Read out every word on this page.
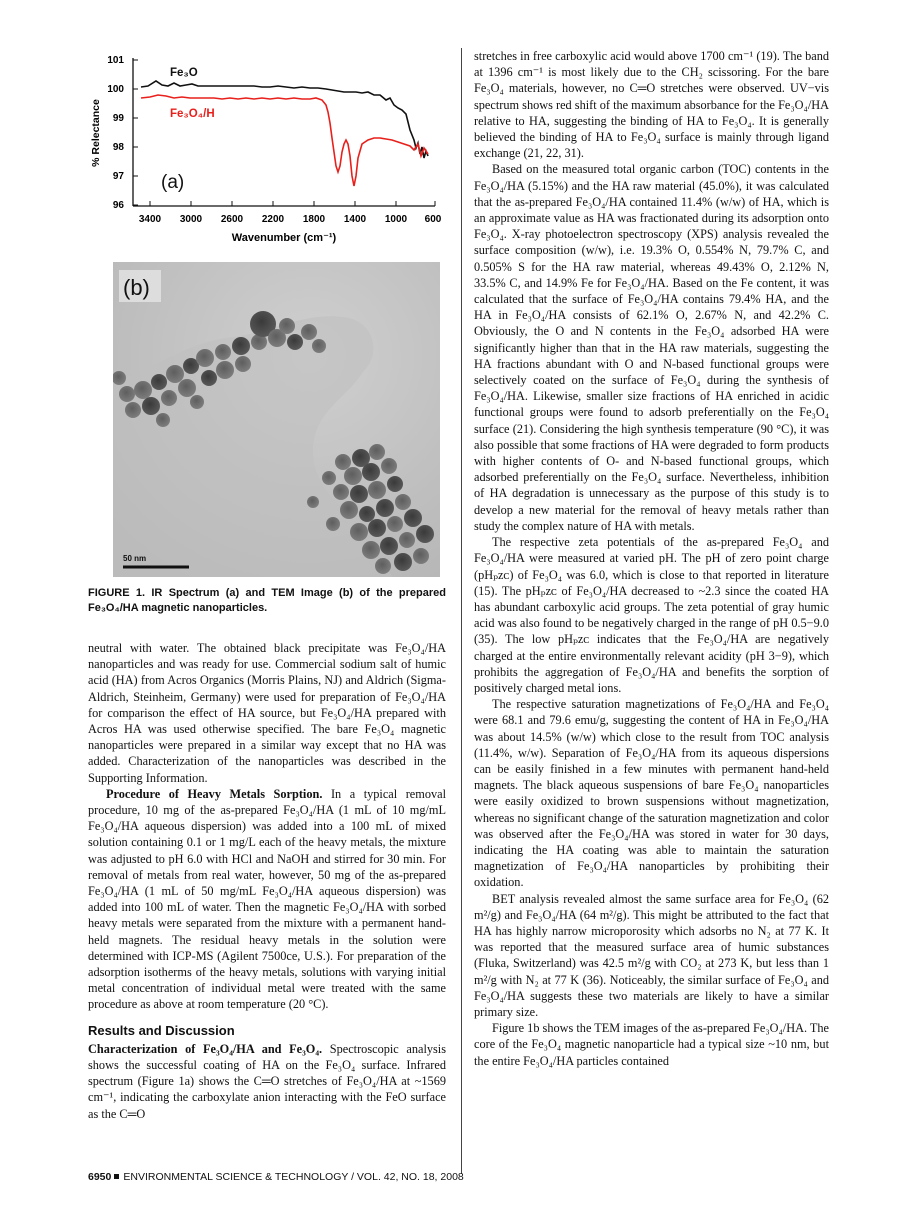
101
100
99
98
97
96
% Relectance
3400 3000 2600 2200 1800 1400 1000 600
Wavenumber (cm⁻¹)
Fe₃O
Fe₃O₄/H
(a)
(b)
50 nm
FIGURE 1. IR Spectrum (a) and TEM Image (b) of the prepared Fe₃O₄/HA magnetic nanoparticles.

neutral with water. The obtained black precipitate was Fe₃O₄/HA nanoparticles and was ready for use. Commercial sodium salt of humic acid (HA) from Acros Organics (Morris Plains, NJ) and Aldrich (Sigma-Aldrich, Steinheim, Germany) were used for preparation of Fe₃O₄/HA for comparison the effect of HA source, but Fe₃O₄/HA prepared with Acros HA was used otherwise specified. The bare Fe₃O₄ magnetic nanoparticles were prepared in a similar way except that no HA was added. Characterization of the nanoparticles was described in the Supporting Information.

Procedure of Heavy Metals Sorption. In a typical removal procedure, 10 mg of the as-prepared Fe₃O₄/HA (1 mL of 10 mg/mL Fe₃O₄/HA aqueous dispersion) was added into a 100 mL of mixed solution containing 0.1 or 1 mg/L each of the heavy metals, the mixture was adjusted to pH 6.0 with HCl and NaOH and stirred for 30 min. For removal of metals from real water, however, 50 mg of the as-prepared Fe₃O₄/HA (1 mL of 50 mg/mL Fe₃O₄/HA aqueous dispersion) was added into 100 mL of water. Then the magnetic Fe₃O₄/HA with sorbed heavy metals were separated from the mixture with a permanent hand-held magnets. The residual heavy metals in the solution were determined with ICP-MS (Agilent 7500ce, U.S.). For preparation of the adsorption isotherms of the heavy metals, solutions with varying initial metal concentration of individual metal were treated with the same procedure as above at room temperature (20 °C).

Results and Discussion

Characterization of Fe₃O₄/HA and Fe₃O₄. Spectroscopic analysis shows the successful coating of HA on the Fe₃O₄ surface. Infrared spectrum (Figure 1a) shows the C═O stretches of Fe₃O₄/HA at ~1569 cm⁻¹, indicating the carboxylate anion interacting with the FeO surface as the C═O

stretches in free carboxylic acid would above 1700 cm⁻¹ (19). The band at 1396 cm⁻¹ is most likely due to the CH₂ scissoring. For the bare Fe₃O₄ materials, however, no C═O stretches were observed. UV−vis spectrum shows red shift of the maximum absorbance for the Fe₃O₄/HA relative to HA, suggesting the binding of HA to Fe₃O₄. It is generally believed the binding of HA to Fe₃O₄ surface is mainly through ligand exchange (21, 22, 31).

Based on the measured total organic carbon (TOC) contents in the Fe₃O₄/HA (5.15%) and the HA raw material (45.0%), it was calculated that the as-prepared Fe₃O₄/HA contained 11.4% (w/w) of HA, which is an approximate value as HA was fractionated during its adsorption onto Fe₃O₄. X-ray photoelectron spectroscopy (XPS) analysis revealed the surface composition (w/w), i.e. 19.3% O, 0.554% N, 79.7% C, and 0.505% S for the HA raw material, whereas 49.43% O, 2.12% N, 33.5% C, and 14.9% Fe for Fe₃O₄/HA. Based on the Fe content, it was calculated that the surface of Fe₃O₄/HA contains 79.4% HA, and the HA in Fe₃O₄/HA consists of 62.1% O, 2.67% N, and 42.2% C. Obviously, the O and N contents in the Fe₃O₄ adsorbed HA were significantly higher than that in the HA raw materials, suggesting the HA fractions abundant with O and N-based functional groups were selectively coated on the surface of Fe₃O₄ during the synthesis of Fe₃O₄/HA. Likewise, smaller size fractions of HA enriched in acidic functional groups were found to adsorb preferentially on the Fe₃O₄ surface (21). Considering the high synthesis temperature (90 °C), it was also possible that some fractions of HA were degraded to form products with higher contents of O- and N-based functional groups, which adsorbed preferentially on the Fe₃O₄ surface. Nevertheless, inhibition of HA degradation is unnecessary as the purpose of this study is to develop a new material for the removal of heavy metals rather than study the complex nature of HA with metals.

The respective zeta potentials of the as-prepared Fe₃O₄ and Fe₃O₄/HA were measured at varied pH. The pH of zero point charge (pHₚᴢᴄ) of Fe₃O₄ was 6.0, which is close to that reported in literature (15). The pHₚᴢᴄ of Fe₃O₄/HA decreased to ~2.3 since the coated HA has abundant carboxylic acid groups. The zeta potential of gray humic acid was also found to be negatively charged in the range of pH 0.5−9.0 (35). The low pHₚᴢᴄ indicates that the Fe₃O₄/HA are negatively charged at the entire environmentally relevant acidity (pH 3−9), which prohibits the aggregation of Fe₃O₄/HA and benefits the sorption of positively charged metal ions.

The respective saturation magnetizations of Fe₃O₄/HA and Fe₃O₄ were 68.1 and 79.6 emu/g, suggesting the content of HA in Fe₃O₄/HA was about 14.5% (w/w) which close to the result from TOC analysis (11.4%, w/w). Separation of Fe₃O₄/HA from its aqueous dispersions can be easily finished in a few minutes with permanent hand-held magnets. The black aqueous suspensions of bare Fe₃O₄ nanoparticles were easily oxidized to brown suspensions without magnetization, whereas no significant change of the saturation magnetization and color was observed after the Fe₃O₄/HA was stored in water for 30 days, indicating the HA coating was able to maintain the saturation magnetization of Fe₃O₄/HA nanoparticles by prohibiting their oxidation.

BET analysis revealed almost the same surface area for Fe₃O₄ (62 m²/g) and Fe₃O₄/HA (64 m²/g). This might be attributed to the fact that HA has highly narrow microporosity which adsorbs no N₂ at 77 K. It was reported that the measured surface area of humic substances (Fluka, Switzerland) was 42.5 m²/g with CO₂ at 273 K, but less than 1 m²/g with N₂ at 77 K (36). Noticeably, the similar surface of Fe₃O₄ and Fe₃O₄/HA suggests these two materials are likely to have a similar primary size.

Figure 1b shows the TEM images of the as-prepared Fe₃O₄/HA. The core of the Fe₃O₄ magnetic nanoparticle had a typical size ~10 nm, but the entire Fe₃O₄/HA particles contained

6950 ENVIRONMENTAL SCIENCE & TECHNOLOGY / VOL. 42, NO. 18, 2008
